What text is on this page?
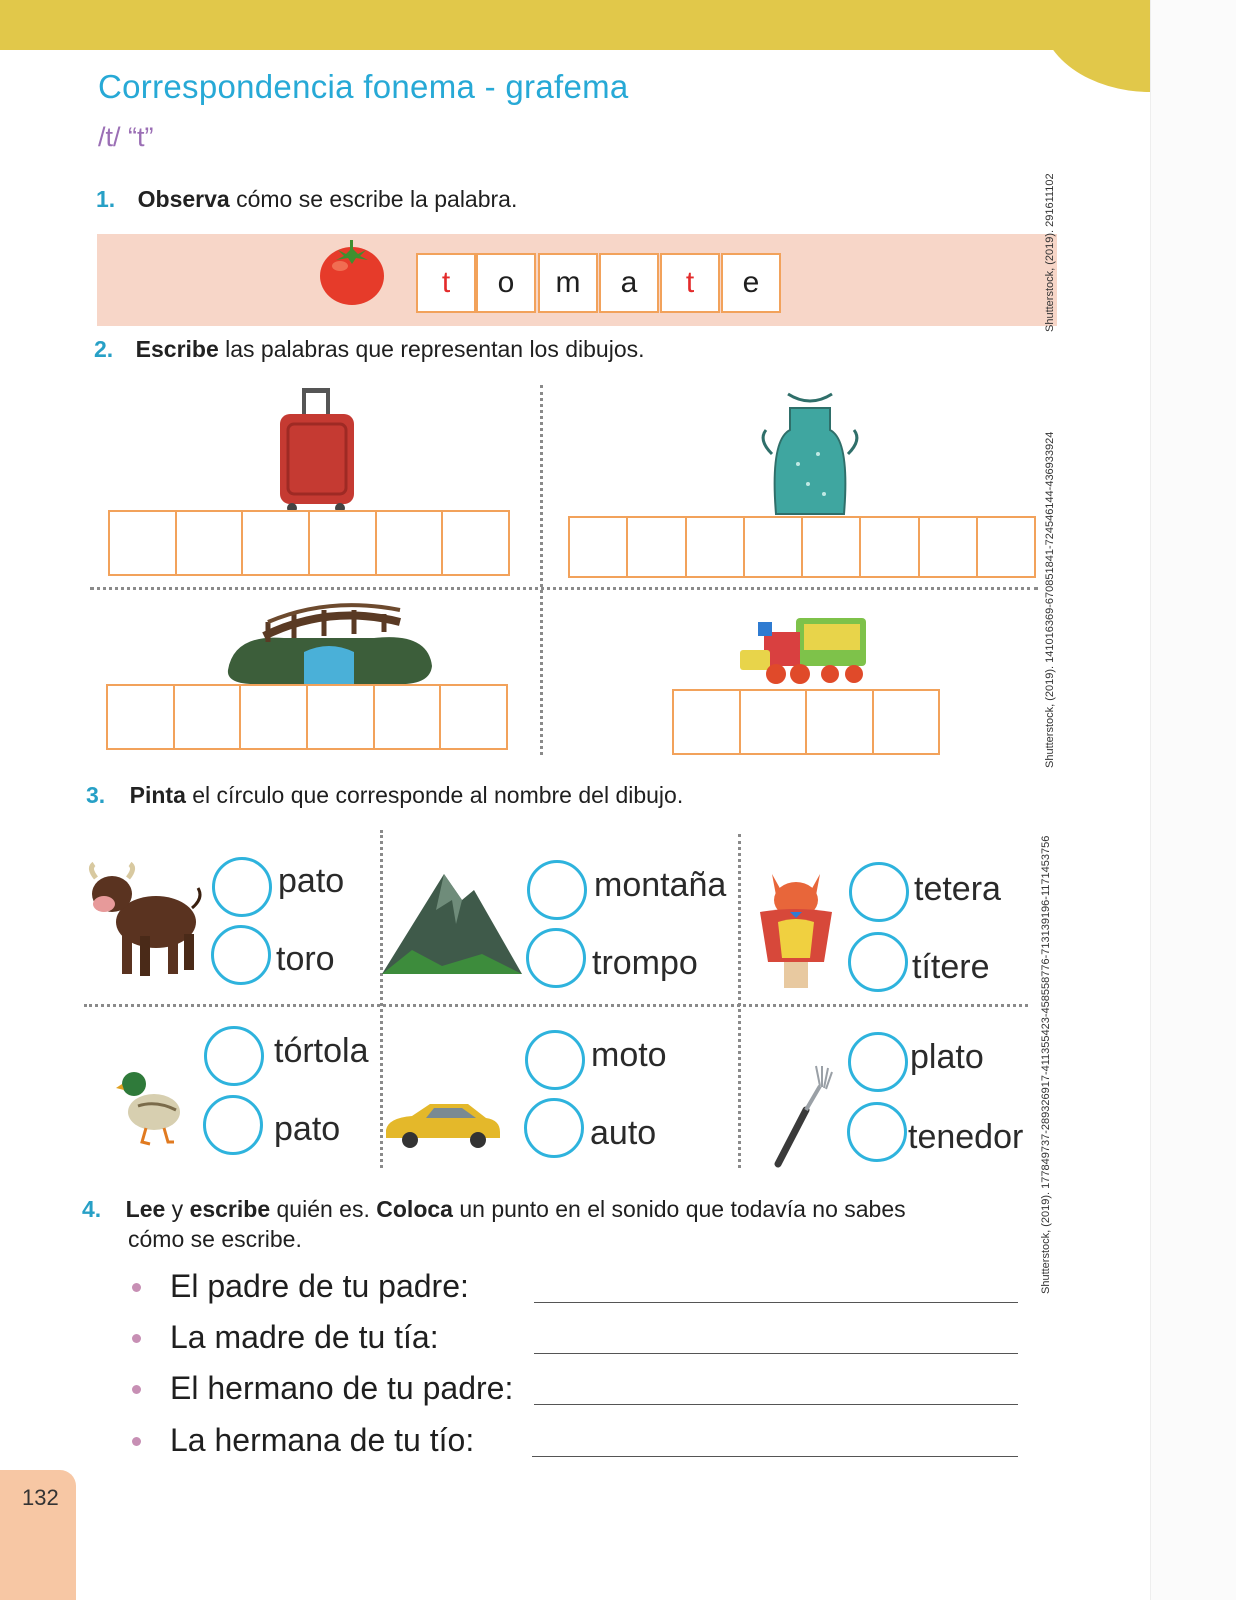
Correspondencia fonema - grafema
/t/ “t”
1. Observa cómo se escribe la palabra.
t	o	m	a	t	e
2. Escribe las palabras que representan los dibujos.
3. Pinta el círculo que corresponde al nombre del dibujo.
pato
toro
montaña
trompo
tetera
títere
tórtola
pato
moto
auto
plato
tenedor
4. Lee y escribe quién es. Coloca un punto en el sonido que todavía no sabes
cómo se escribe.
El padre de tu padre:
La madre de tu tía:
El hermano de tu padre:
La hermana de tu tío:
Shutterstock, (2019). 291611102
Shutterstock, (2019). 141016369-670851841-724546144-436933924
Shutterstock, (2019). 177849737-289326917-411355423-458558776-713139196-1171453756
132
